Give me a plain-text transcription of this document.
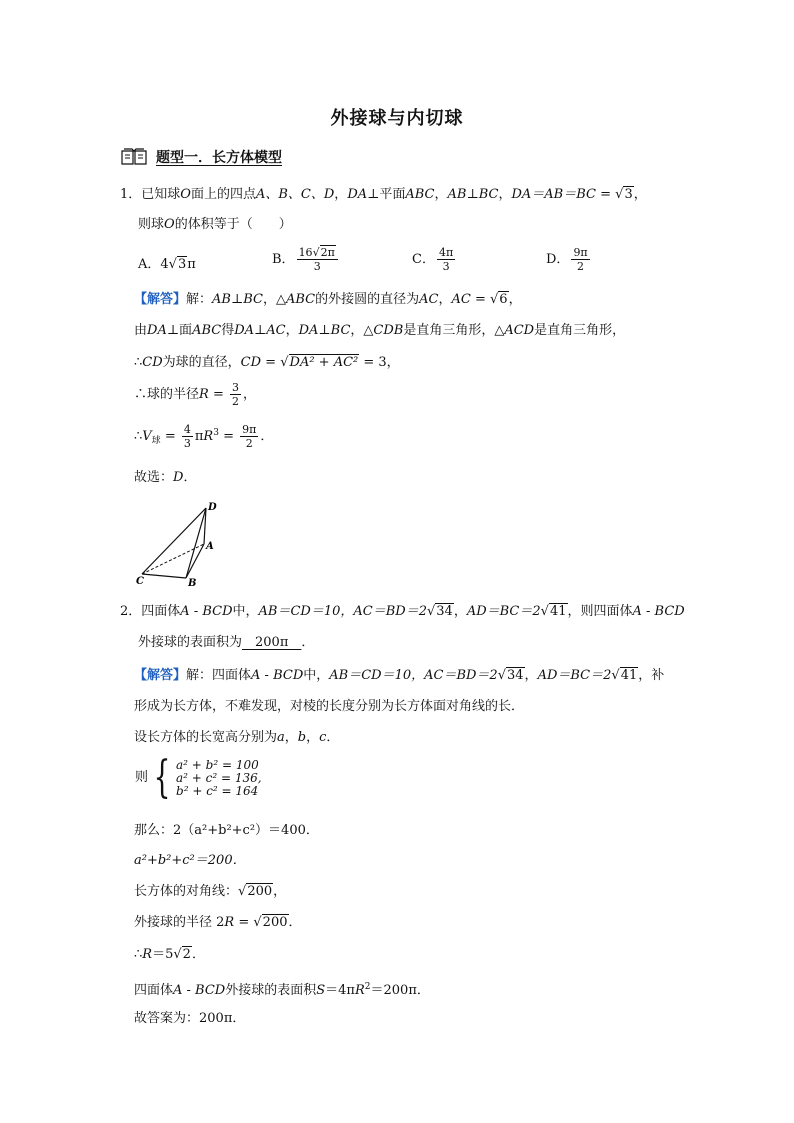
外接球与内切球
题型一．长方体模型
1．已知球O面上的四点A、B、C、D，DA⊥平面ABC，AB⊥BC，DA＝AB＝BC = √3，
则球O的体积等于（　　）
A．4√3π	B． $\frac{16√2\pi}{3}$	C． $\frac{4\pi}{3}$	D． $\frac{9\pi}{2}$
【解答】解：AB⊥BC，△ABC的外接圆的直径为AC，AC = √6，
由DA⊥面ABC得DA⊥AC，DA⊥BC，△CDB是直角三角形，△ACD是直角三角形，
∴CD为球的直径，CD = √DA² + AC² = 3，
∴球的半径$R = \frac{3}{2}$ ，
$\therefore V_球 = \frac{4}{3} \pi R^3 = \frac{9\pi}{2}$ ．
故选：D．
D
A
C	B
2．四面体A - BCD中，AB＝CD＝10，AC＝BD＝2√34，AD＝BC＝2√41，则四面体A - BCD
外接球的表面积为　200π　．
【解答】解：四面体A - BCD中，AB＝CD＝10，AC＝BD＝2√34，AD＝BC＝2√41，补
形成为长方体，不难发现，对棱的长度分别为长方体面对角线的长．
设长方体的长宽高分别为a，b，c．
则 { a² + b² = 100
a² + c² = 136,
b² + c² = 164
那么：2（a²+b²+c²）＝400．
a²+b²+c²＝200．
长方体的对角线：√200，
外接球的半径 2R = √200．
∴R＝5√2．
四面体A - BCD外接球的表面积$S=4\pi R^2=200\pi$．
故答案为：200π．
